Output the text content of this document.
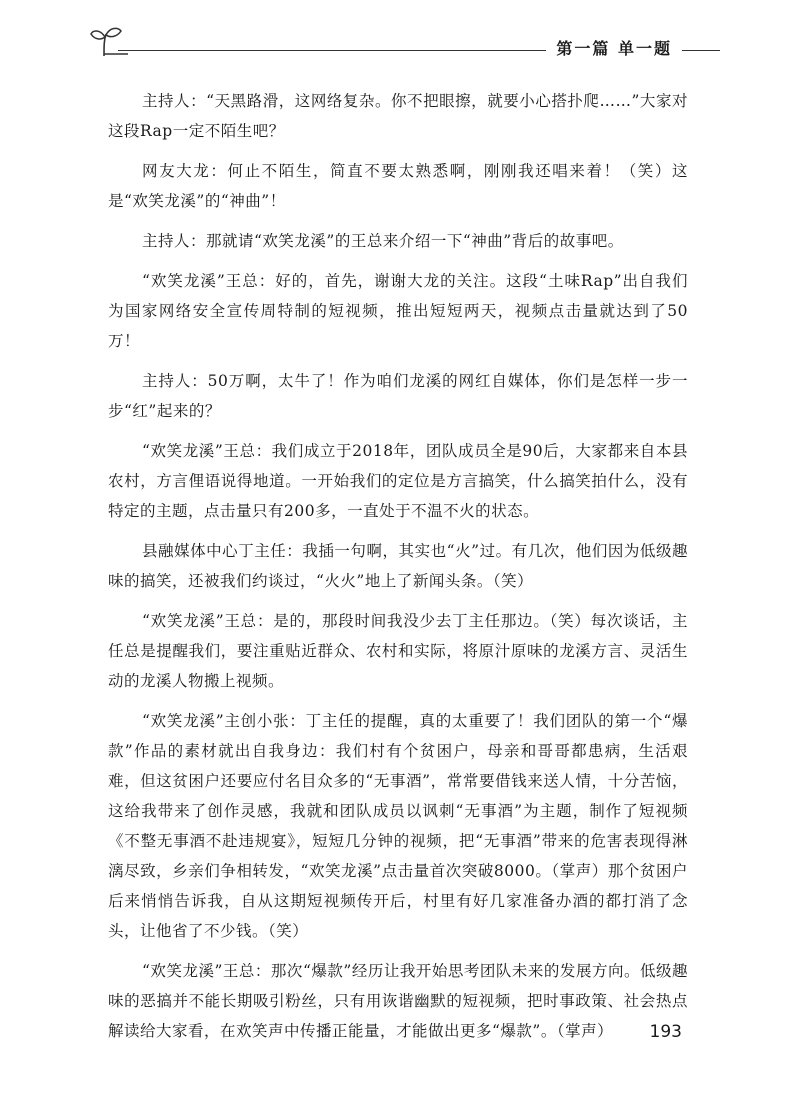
第一篇 单一题

主持人：“天黑路滑，这网络复杂。你不把眼擦，就要小心搭扑爬……”大家对这段Rap一定不陌生吧？

网友大龙：何止不陌生，简直不要太熟悉啊，刚刚我还唱来着！（笑）这是“欢笑龙溪”的“神曲”！

主持人：那就请“欢笑龙溪”的王总来介绍一下“神曲”背后的故事吧。

“欢笑龙溪”王总：好的，首先，谢谢大龙的关注。这段“土味Rap”出自我们为国家网络安全宣传周特制的短视频，推出短短两天，视频点击量就达到了50万！

主持人：50万啊，太牛了！作为咱们龙溪的网红自媒体，你们是怎样一步一步“红”起来的？

“欢笑龙溪”王总：我们成立于2018年，团队成员全是90后，大家都来自本县农村，方言俚语说得地道。一开始我们的定位是方言搞笑，什么搞笑拍什么，没有特定的主题，点击量只有200多，一直处于不温不火的状态。

县融媒体中心丁主任：我插一句啊，其实也“火”过。有几次，他们因为低级趣味的搞笑，还被我们约谈过，“火火”地上了新闻头条。（笑）

“欢笑龙溪”王总：是的，那段时间我没少去丁主任那边。（笑）每次谈话，主任总是提醒我们，要注重贴近群众、农村和实际，将原汁原味的龙溪方言、灵活生动的龙溪人物搬上视频。

“欢笑龙溪”主创小张：丁主任的提醒，真的太重要了！我们团队的第一个“爆款”作品的素材就出自我身边：我们村有个贫困户，母亲和哥哥都患病，生活艰难，但这贫困户还要应付名目众多的“无事酒”，常常要借钱来送人情，十分苦恼，这给我带来了创作灵感，我就和团队成员以讽刺“无事酒”为主题，制作了短视频《不整无事酒不赴违规宴》，短短几分钟的视频，把“无事酒”带来的危害表现得淋漓尽致，乡亲们争相转发，“欢笑龙溪”点击量首次突破8000。（掌声）那个贫困户后来悄悄告诉我，自从这期短视频传开后，村里有好几家准备办酒的都打消了念头，让他省了不少钱。（笑）

“欢笑龙溪”王总：那次“爆款”经历让我开始思考团队未来的发展方向。低级趣味的恶搞并不能长期吸引粉丝，只有用诙谐幽默的短视频，把时事政策、社会热点解读给大家看，在欢笑声中传播正能量，才能做出更多“爆款”。（掌声）	193
